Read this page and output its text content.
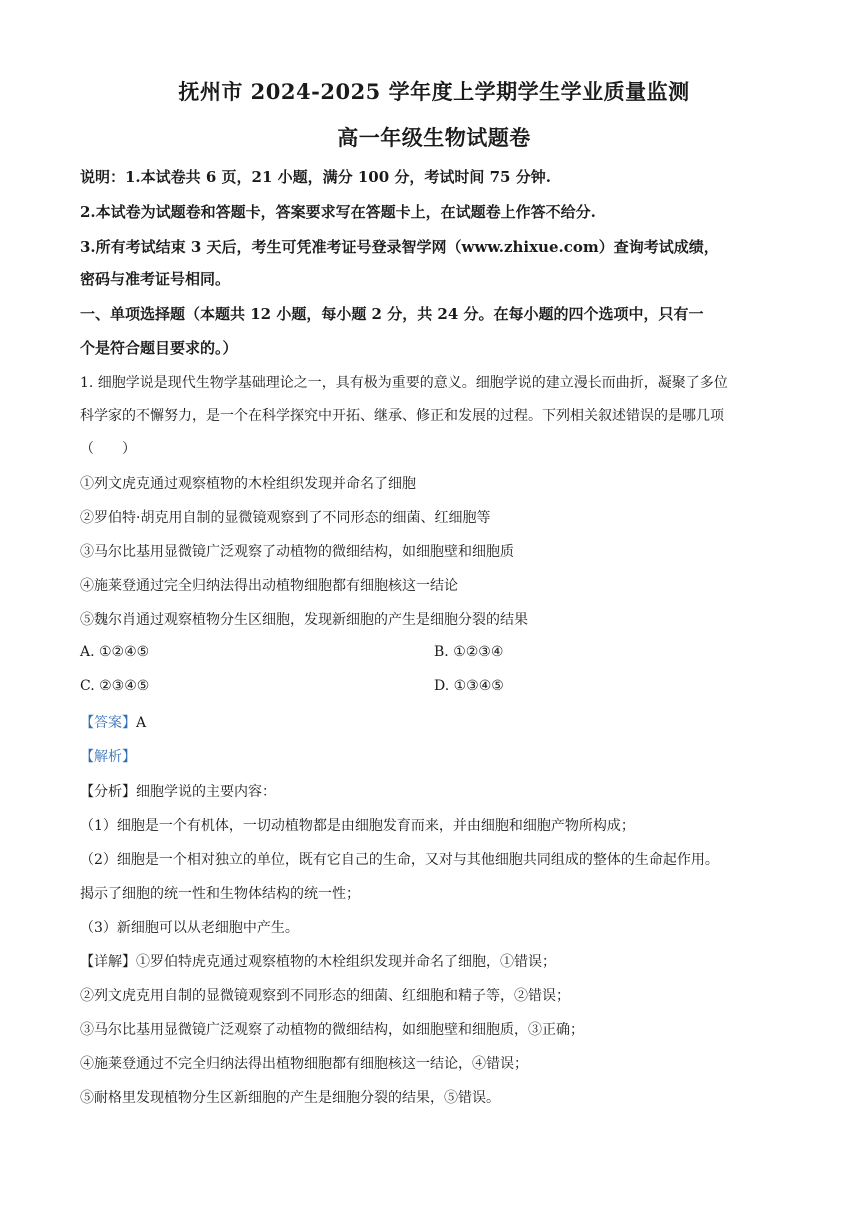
抚州市 2024-2025 学年度上学期学生学业质量监测
高一年级生物试题卷
说明：1.本试卷共 6 页，21 小题，满分 100 分，考试时间 75 分钟.
2.本试卷为试题卷和答题卡，答案要求写在答题卡上，在试题卷上作答不给分.
3.所有考试结束 3 天后，考生可凭准考证号登录智学网（www.zhixue.com）查询考试成绩，
密码与准考证号相同。
一、单项选择题（本题共 12 小题，每小题 2 分，共 24 分。在每小题的四个选项中，只有一
个是符合题目要求的。）
1. 细胞学说是现代生物学基础理论之一，具有极为重要的意义。细胞学说的建立漫长而曲折，凝聚了多位
科学家的不懈努力，是一个在科学探究中开拓、继承、修正和发展的过程。下列相关叙述错误的是哪几项
（　　）
①列文虎克通过观察植物的木栓组织发现并命名了细胞
②罗伯特·胡克用自制的显微镜观察到了不同形态的细菌、红细胞等
③马尔比基用显微镜广泛观察了动植物的微细结构，如细胞壁和细胞质
④施莱登通过完全归纳法得出动植物细胞都有细胞核这一结论
⑤魏尔肖通过观察植物分生区细胞，发现新细胞的产生是细胞分裂的结果
A. ①②④⑤	B. ①②③④
C. ②③④⑤	D. ①③④⑤
【答案】A
【解析】
【分析】细胞学说的主要内容：
（1）细胞是一个有机体，一切动植物都是由细胞发育而来，并由细胞和细胞产物所构成；
（2）细胞是一个相对独立的单位，既有它自己的生命，又对与其他细胞共同组成的整体的生命起作用。
揭示了细胞的统一性和生物体结构的统一性；
（3）新细胞可以从老细胞中产生。
【详解】①罗伯特虎克通过观察植物的木栓组织发现并命名了细胞，①错误；
②列文虎克用自制的显微镜观察到不同形态的细菌、红细胞和精子等，②错误；
③马尔比基用显微镜广泛观察了动植物的微细结构，如细胞壁和细胞质，③正确；
④施莱登通过不完全归纳法得出植物细胞都有细胞核这一结论，④错误；
⑤耐格里发现植物分生区新细胞的产生是细胞分裂的结果，⑤错误。
